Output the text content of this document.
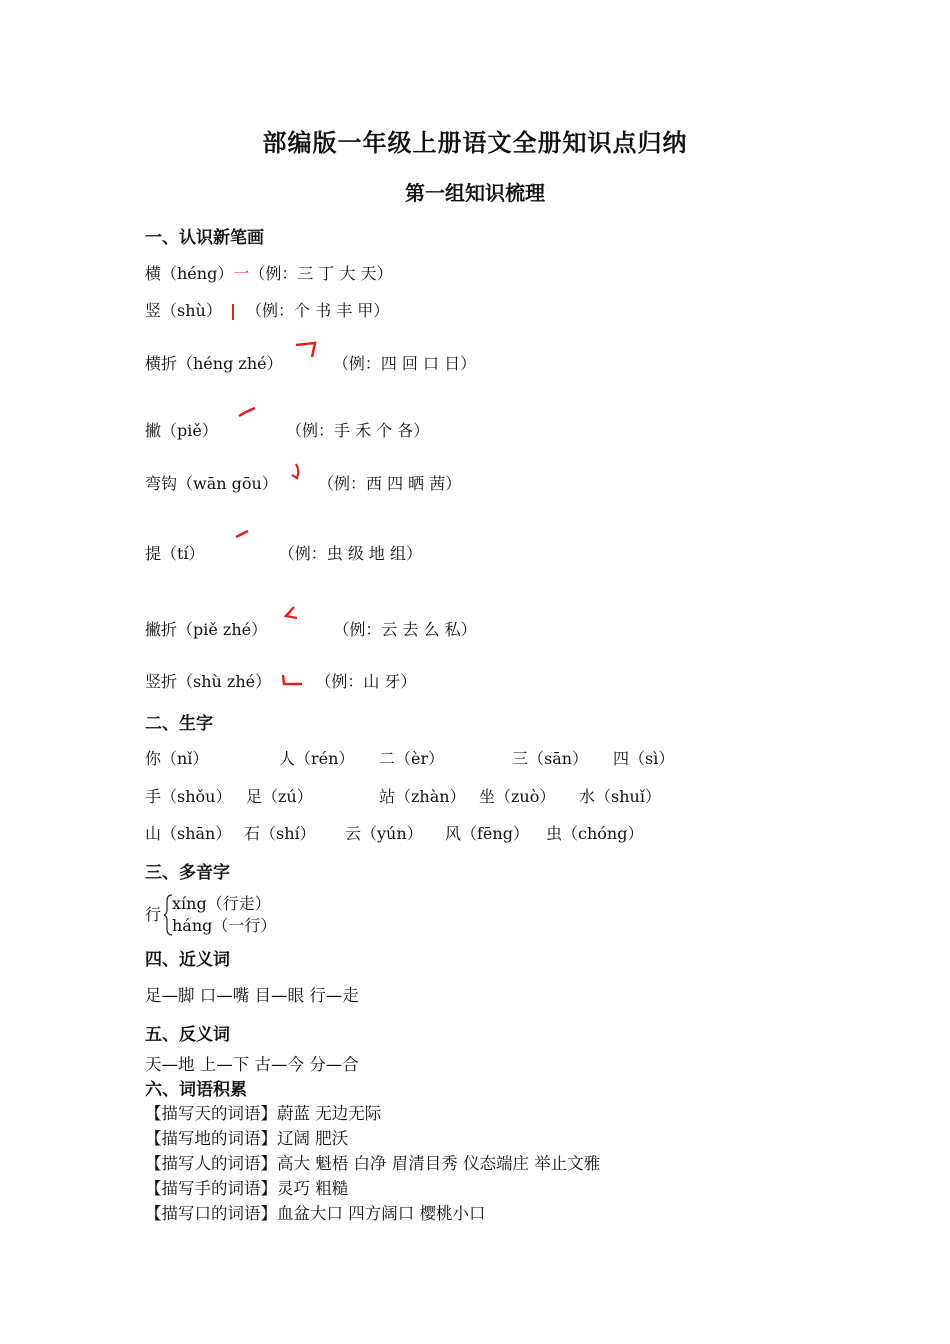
部编版一年级上册语文全册知识点归纳
第一组知识梳理
一、认识新笔画
横（héng）一（例：三 丁 大 天）
竖（shù） （例：个 书 丰 甲）
横折（héng zhé）	（例：四 回 口 日）
撇（piě）	（例：手 禾 个 各）
弯钩（wān gōu）	（例：西 四 晒 茜）
提（tí）	（例：虫 级 地 组）
撇折（piě zhé）	（例：云 去 么 私）
竖折（shù zhé）	（例：山 牙）
二、生字
你（nǐ）	人（rén） 二（èr）	三（sān） 四（sì）
手（shǒu） 足（zú）	站（zhàn） 坐（zuò） 水（shuǐ）
山（shān） 石（shí） 云（yún） 风（fēng） 虫（chóng）
三、多音字
行
xíng（行走）
háng（一行）
四、近义词
足—脚 口—嘴 目—眼 行—走
五、反义词
天—地 上—下 古—今 分—合
六、词语积累
【描写天的词语】蔚蓝 无边无际
【描写地的词语】辽阔 肥沃
【描写人的词语】高大 魁梧 白净 眉清目秀 仪态端庄 举止文雅
【描写手的词语】灵巧 粗糙
【描写口的词语】血盆大口 四方阔口 樱桃小口
